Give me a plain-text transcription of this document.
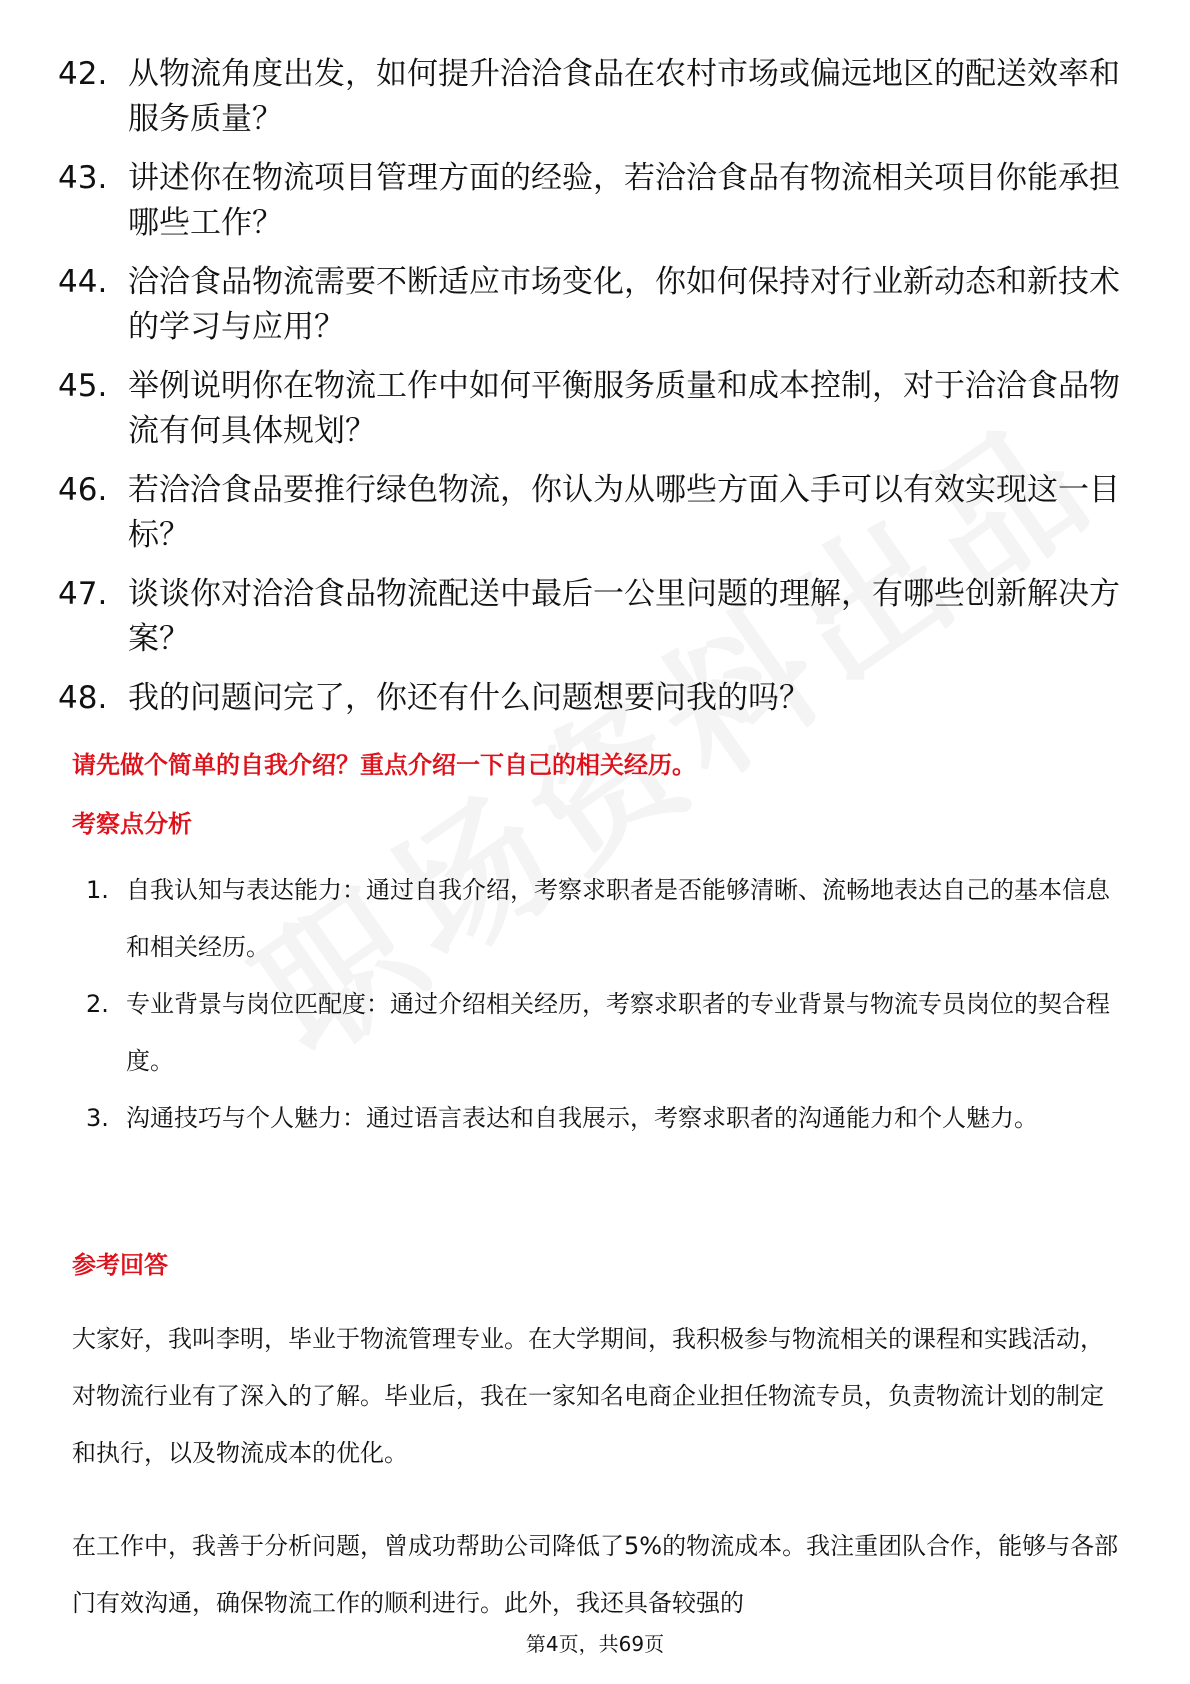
42. 从物流角度出发，如何提升洽洽食品在农村市场或偏远地区的配送效率和服务质量？
43. 讲述你在物流项目管理方面的经验，若洽洽食品有物流相关项目你能承担哪些工作？
44. 洽洽食品物流需要不断适应市场变化，你如何保持对行业新动态和新技术的学习与应用？
45. 举例说明你在物流工作中如何平衡服务质量和成本控制，对于洽洽食品物流有何具体规划？
46. 若洽洽食品要推行绿色物流，你认为从哪些方面入手可以有效实现这一目标？
47. 谈谈你对洽洽食品物流配送中最后一公里问题的理解，有哪些创新解决方案？
48. 我的问题问完了，你还有什么问题想要问我的吗？
请先做个简单的自我介绍？重点介绍一下自己的相关经历。
考察点分析
1. 自我认知与表达能力：通过自我介绍，考察求职者是否能够清晰、流畅地表达自己的基本信息和相关经历。
2. 专业背景与岗位匹配度：通过介绍相关经历，考察求职者的专业背景与物流专员岗位的契合程度。
3. 沟通技巧与个人魅力：通过语言表达和自我展示，考察求职者的沟通能力和个人魅力。
参考回答

大家好，我叫李明，毕业于物流管理专业。在大学期间，我积极参与物流相关的课程和实践活动，对物流行业有了深入的了解。毕业后，我在一家知名电商企业担任物流专员，负责物流计划的制定和执行，以及物流成本的优化。

在工作中，我善于分析问题，曾成功帮助公司降低了5%的物流成本。我注重团队合作，能够与各部门有效沟通，确保物流工作的顺利进行。此外，我还具备较强的

第4页，共69页
